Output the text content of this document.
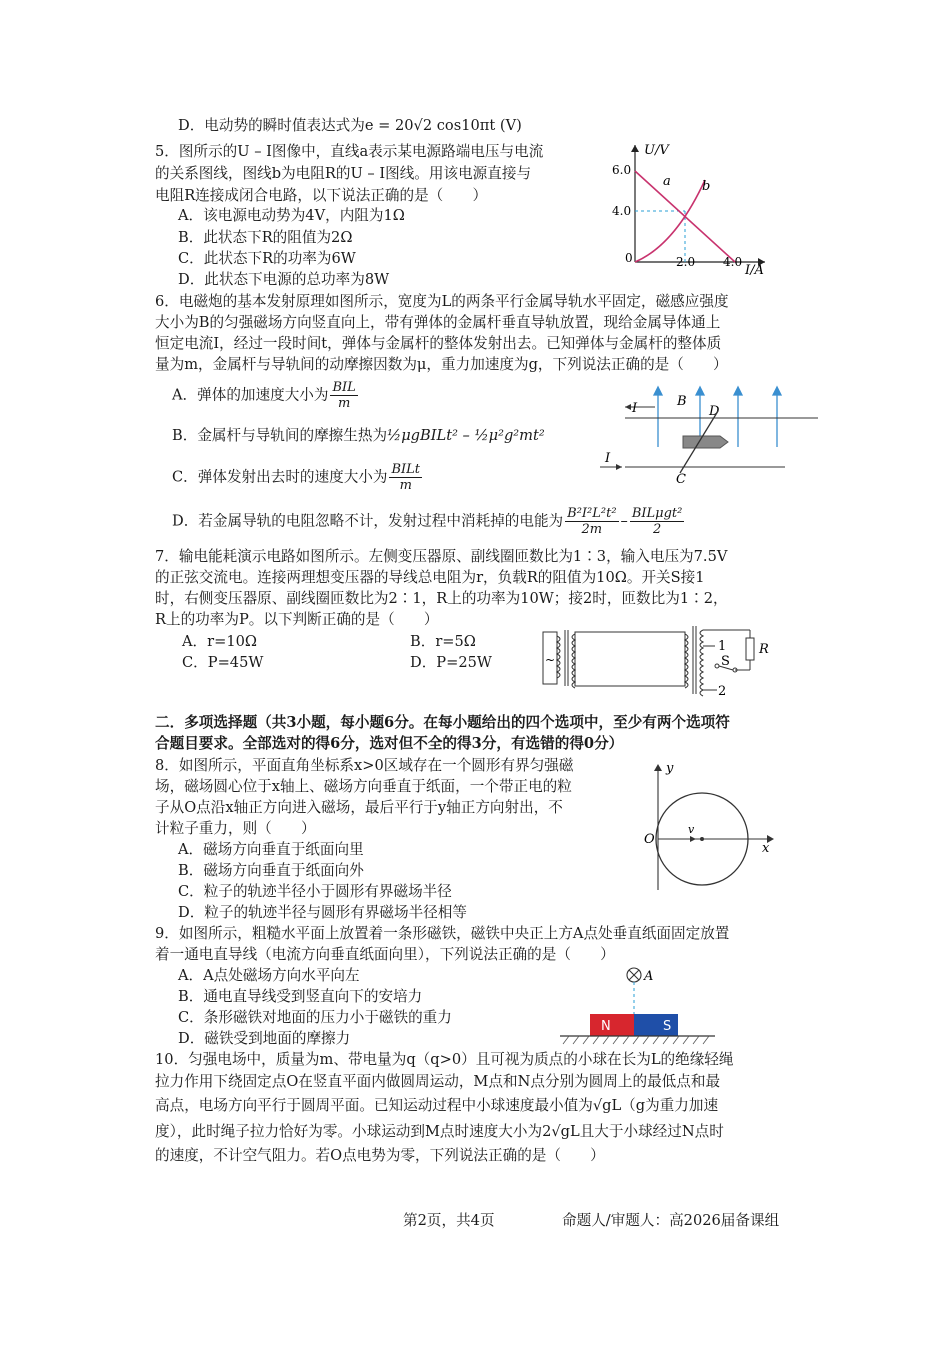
D．电动势的瞬时值表达式为e = 20√2 cos10πt (V)
5．图所示的U – I图像中，直线a表示某电源路端电压与电流
的关系图线，图线b为电阻R的U – I图线。用该电源直接与
电阻R连接成闭合电路，以下说法正确的是（　　）
A．该电源电动势为4V，内阻为1Ω
B．此状态下R的阻值为2Ω
C．此状态下R的功率为6W
D．此状态下电源的总功率为8W
U/V
I/A
0
6.0
4.0
2.0 4.0
a b
6．电磁炮的基本发射原理如图所示，宽度为L的两条平行金属导轨水平固定，磁感应强度
大小为B的匀强磁场方向竖直向上，带有弹体的金属杆垂直导轨放置，现给金属导体通上
恒定电流I，经过一段时间t，弹体与金属杆的整体发射出去。已知弹体与金属杆的整体质
量为m，金属杆与导轨间的动摩擦因数为μ，重力加速度为g，下列说法正确的是（　　）
A．弹体的加速度大小为 $\frac{\text{BIL}}{m}$
B．金属杆与导轨间的摩擦生热为½μgBILt² – ½μ²g²mt²
C．弹体发射出去时的速度大小为 $\frac{\text{BILt}}{m}$
D．若金属导轨的电阻忽略不计，发射过程中消耗掉的电能为 $\frac{\text{B²I²L²t²}}{2m} - \frac{\text{BILμgt²}}{2}$
I
I
B
D
C
7．输电能耗演示电路如图所示。左侧变压器原、副线圈匝数比为1∶3，输入电压为7.5V
的正弦交流电。连接两理想变压器的导线总电阻为r，负载R的阻值为10Ω。开关S接1
时，右侧变压器原、副线圈匝数比为2∶1，R上的功率为10W；接2时，匝数比为1∶2，
R上的功率为P。以下判断正确的是（　　）
A．r=10Ω	B．r=5Ω
C．P=45W	D．P=25W	~
1
2
S
R
二．多项选择题（共3小题，每小题6分。在每小题给出的四个选项中，至少有两个选项符
合题目要求。全部选对的得6分，选对但不全的得3分，有选错的得0分）
8．如图所示，平面直角坐标系x>0区域存在一个圆形有界匀强磁
场，磁场圆心位于x轴上、磁场方向垂直于纸面，一个带正电的粒
子从O点沿x轴正方向进入磁场，最后平行于y轴正方向射出，不
计粒子重力，则（　　）
A．磁场方向垂直于纸面向里
B．磁场方向垂直于纸面向外
C．粒子的轨迹半径小于圆形有界磁场半径
D．粒子的轨迹半径与圆形有界磁场半径相等
y
x
O
v
9．如图所示，粗糙水平面上放置着一条形磁铁，磁铁中央正上方A点处垂直纸面固定放置
着一通电直导线（电流方向垂直纸面向里），下列说法正确的是（　　）
A．A点处磁场方向水平向左
B．通电直导线受到竖直向下的安培力
C．条形磁铁对地面的压力小于磁铁的重力
D．磁铁受到地面的摩擦力
A
N	S
10．匀强电场中，质量为m、带电量为q（q>0）且可视为质点的小球在长为L的绝缘轻绳
拉力作用下绕固定点O在竖直平面内做圆周运动，M点和N点分别为圆周上的最低点和最
高点，电场方向平行于圆周平面。已知运动过程中小球速度最小值为√gL（g为重力加速
度），此时绳子拉力恰好为零。小球运动到M点时速度大小为2√gL且大于小球经过N点时
的速度，不计空气阻力。若O点电势为零，下列说法正确的是（　　）
第2页，共4页	命题人/审题人：高2026届备课组
